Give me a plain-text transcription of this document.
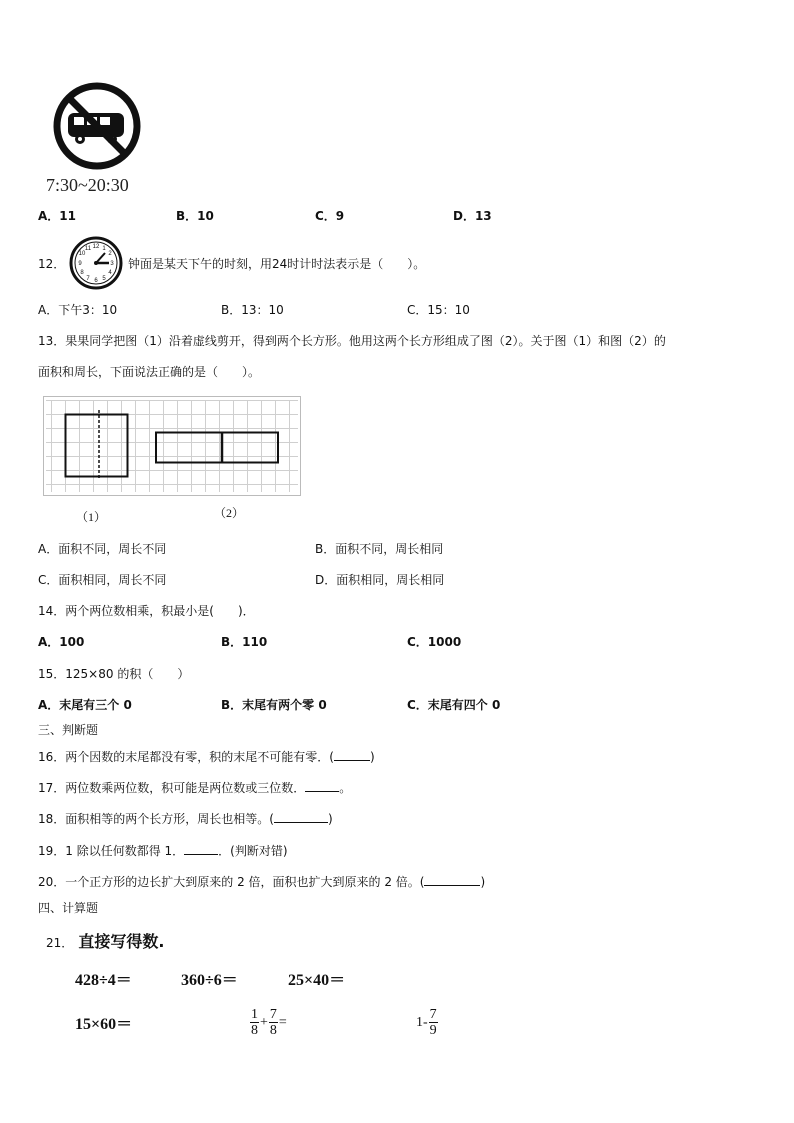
7:30~20:30
A．11	B．10	C．9	D．13
12．
12 1
2
3
4
5
6
7
8
9
10
11
钟面是某天下午的时刻，用24时计时法表示是（　　）。
A．下午3：10	B．13：10	C．15：10
13．果果同学把图（1）沿着虚线剪开，得到两个长方形。他用这两个长方形组成了图（2）。关于图（1）和图（2）的
面积和周长，下面说法正确的是（　　）。
（1）	（2）
A．面积不同，周长不同	B．面积不同，周长相同
C．面积相同，周长不同	D．面积相同，周长相同
14．两个两位数相乘，积最小是(　　)．
A．100	B．110	C．1000
15．125×80 的积（　　）
A．末尾有三个 0	B．末尾有两个零 0	C．末尾有四个 0
三、判断题
16．两个因数的末尾都没有零，积的末尾不可能有零．(	)
17．两位数乘两位数，积可能是两位数或三位数．	。
18．面积相等的两个长方形，周长也相等。(	)
19．1 除以任何数都得 1．	．(判断对错)
20．一个正方形的边长扩大到原来的 2 倍，面积也扩大到原来的 2 倍。(	)
四、计算题
21． 直接写得数.
428÷4＝	360÷6＝	25×40＝
15×60＝	$\frac{1}{8} + \frac{7}{8}$ =	$1- \frac{7}{9}$
